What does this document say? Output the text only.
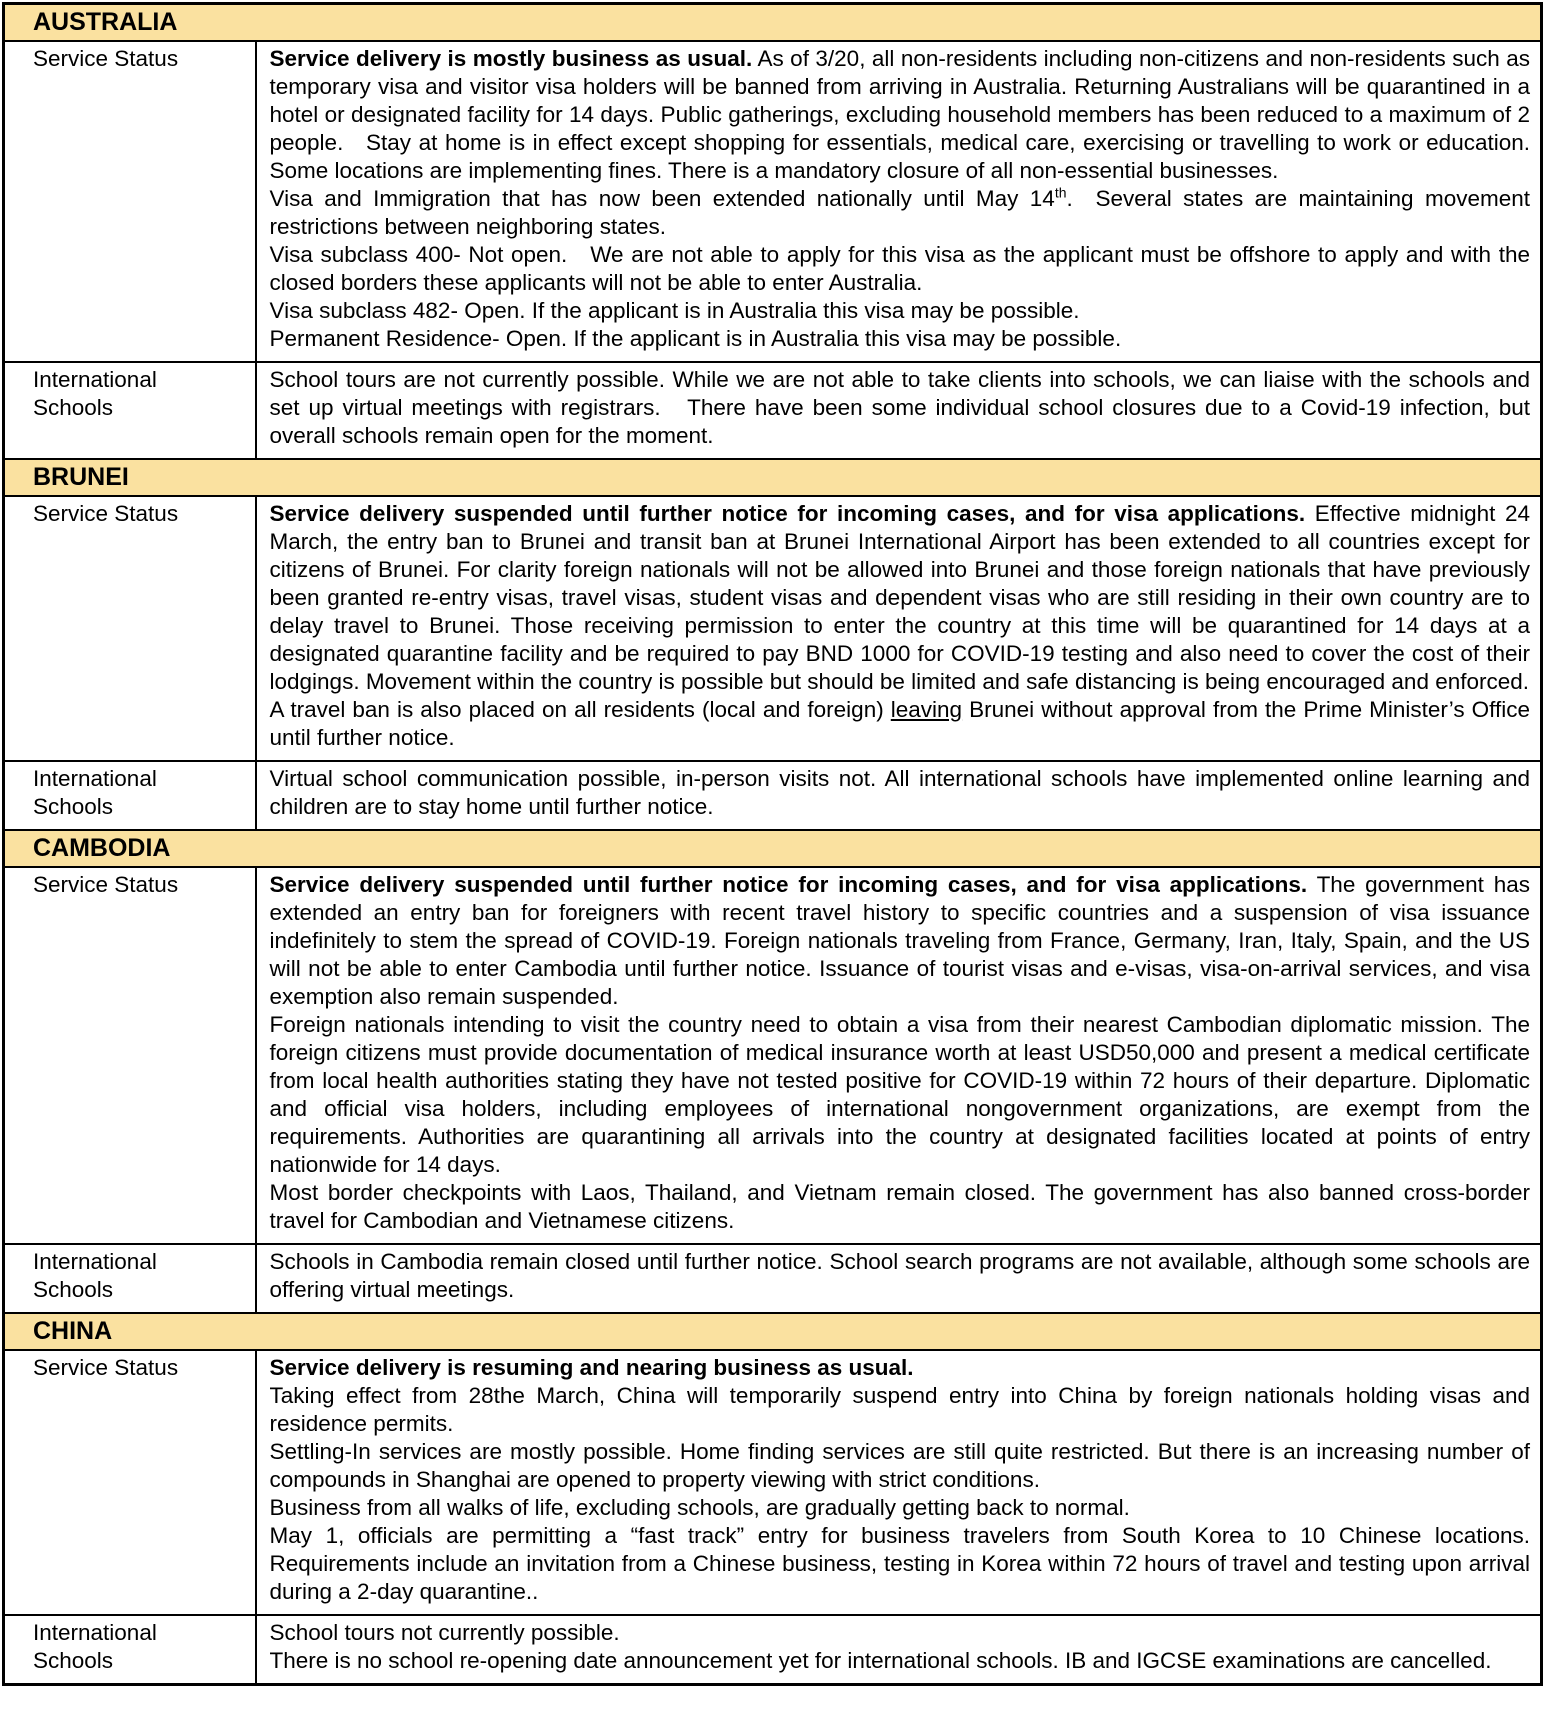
AUSTRALIA	
Service Status	Service delivery is mostly business as usual. As of 3/20, all non-residents including non-citizens and non-residents such as temporary visa and visitor visa holders will be banned from arriving in Australia. Returning Australians will be quarantined in a hotel or designated facility for 14 days. Public gatherings, excluding household members has been reduced to a maximum of 2 people.   Stay at home is in effect except shopping for essentials, medical care, exercising or travelling to work or education. Some locations are implementing fines. There is a mandatory closure of all non-essential businesses.

Visa and Immigration that has now been extended nationally until May 14th.  Several states are maintaining movement restrictions between neighboring states.

Visa subclass 400- Not open.   We are not able to apply for this visa as the applicant must be offshore to apply and with the closed borders these applicants will not be able to enter Australia.

Visa subclass 482- Open. If the applicant is in Australia this visa may be possible.

Permanent Residence- Open. If the applicant is in Australia this visa may be possible.

International Schools	School tours are not currently possible. While we are not able to take clients into schools, we can liaise with the schools and set up virtual meetings with registrars.   There have been some individual school closures due to a Covid-19 infection, but overall schools remain open for the moment.

BRUNEI	
Service Status	Service delivery suspended until further notice for incoming cases, and for visa applications. Effective midnight 24 March, the entry ban to Brunei and transit ban at Brunei International Airport has been extended to all countries except for citizens of Brunei. For clarity foreign nationals will not be allowed into Brunei and those foreign nationals that have previously been granted re-entry visas, travel visas, student visas and dependent visas who are still residing in their own country are to delay travel to Brunei. Those receiving permission to enter the country at this time will be quarantined for 14 days at a designated quarantine facility and be required to pay BND 1000 for COVID-19 testing and also need to cover the cost of their lodgings. Movement within the country is possible but should be limited and safe distancing is being encouraged and enforced.

A travel ban is also placed on all residents (local and foreign) leaving Brunei without approval from the Prime Minister’s Office until further notice.

International Schools	Virtual school communication possible, in-person visits not. All international schools have implemented online learning and children are to stay home until further notice.

CAMBODIA	
Service Status	Service delivery suspended until further notice for incoming cases, and for visa applications. The government has extended an entry ban for foreigners with recent travel history to specific countries and a suspension of visa issuance indefinitely to stem the spread of COVID-19. Foreign nationals traveling from France, Germany, Iran, Italy, Spain, and the US will not be able to enter Cambodia until further notice. Issuance of tourist visas and e-visas, visa-on-arrival services, and visa exemption also remain suspended.

Foreign nationals intending to visit the country need to obtain a visa from their nearest Cambodian diplomatic mission. The foreign citizens must provide documentation of medical insurance worth at least USD50,000 and present a medical certificate from local health authorities stating they have not tested positive for COVID-19 within 72 hours of their departure. Diplomatic and official visa holders, including employees of international nongovernment organizations, are exempt from the requirements. Authorities are quarantining all arrivals into the country at designated facilities located at points of entry nationwide for 14 days.

Most border checkpoints with Laos, Thailand, and Vietnam remain closed. The government has also banned cross-border travel for Cambodian and Vietnamese citizens.

International Schools	Schools in Cambodia remain closed until further notice. School search programs are not available, although some schools are offering virtual meetings.

CHINA	
Service Status	Service delivery is resuming and nearing business as usual.

Taking effect from 28the March, China will temporarily suspend entry into China by foreign nationals holding visas and residence permits.

Settling-In services are mostly possible. Home finding services are still quite restricted. But there is an increasing number of compounds in Shanghai are opened to property viewing with strict conditions.

Business from all walks of life, excluding schools, are gradually getting back to normal.

May 1, officials are permitting a “fast track” entry for business travelers from South Korea to 10 Chinese locations. Requirements include an invitation from a Chinese business, testing in Korea within 72 hours of travel and testing upon arrival during a 2-day quarantine..

International Schools	School tours not currently possible.

There is no school re-opening date announcement yet for international schools. IB and IGCSE examinations are cancelled.
